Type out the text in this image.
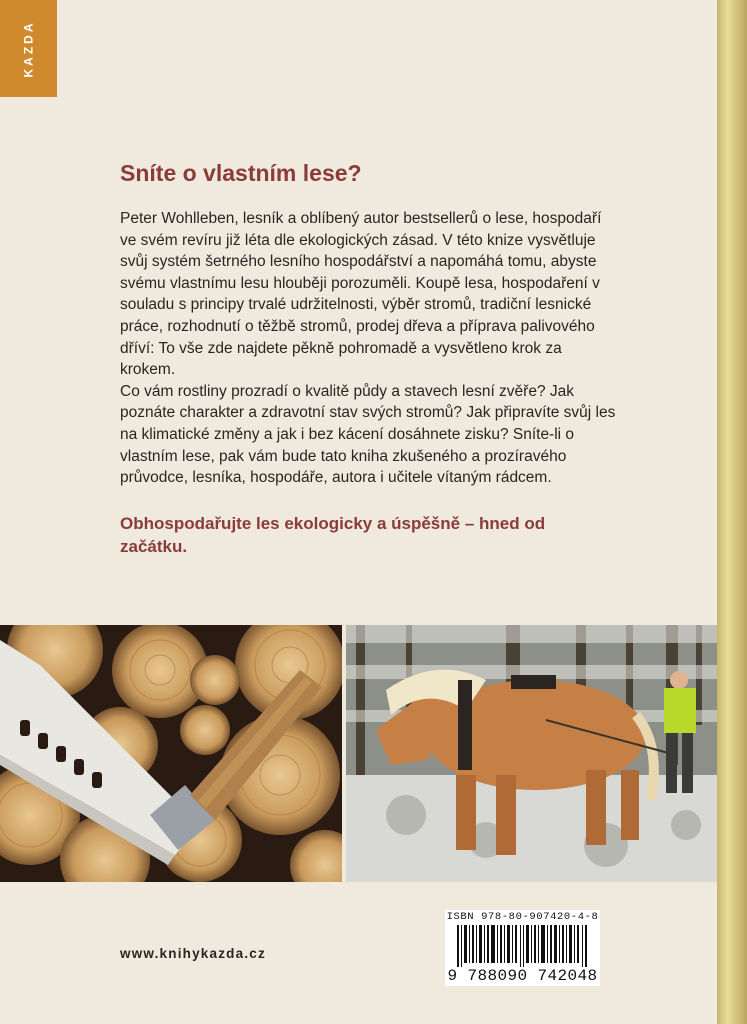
KAZDA
Sníte o vlastním lese?

Peter Wohlleben, lesník a oblíbený autor bestsellerů o lese, hospodaří ve svém revíru již léta dle ekologických zásad. V této knize vysvětluje svůj systém šetrného lesního hospodářství a napomáhá tomu, abyste svému vlastnímu lesu hlouběji porozuměli. Koupě lesa, hospodaření v souladu s principy trvalé udržitelnosti, výběr stromů, tradiční lesnické práce, rozhodnutí o těžbě stromů, prodej dřeva a příprava palivového dříví: To vše zde najdete pěkně pohromadě a vysvětleno krok za krokem.

Co vám rostliny prozradí o kvalitě půdy a stavech lesní zvěře? Jak poznáte charakter a zdravotní stav svých stromů? Jak připravíte svůj les na klimatické změny a jak i bez kácení dosáhnete zisku? Sníte-li o vlastním lese, pak vám bude tato kniha zkušeného a prozíravého průvodce, lesníka, hospodáře, autora i učitele vítaným rádcem.

Obhospodařujte les ekologicky a úspěšně – hned od začátku.

www.knihykazda.cz
ISBN 978-80-907420-4-8
9 788090 742048
